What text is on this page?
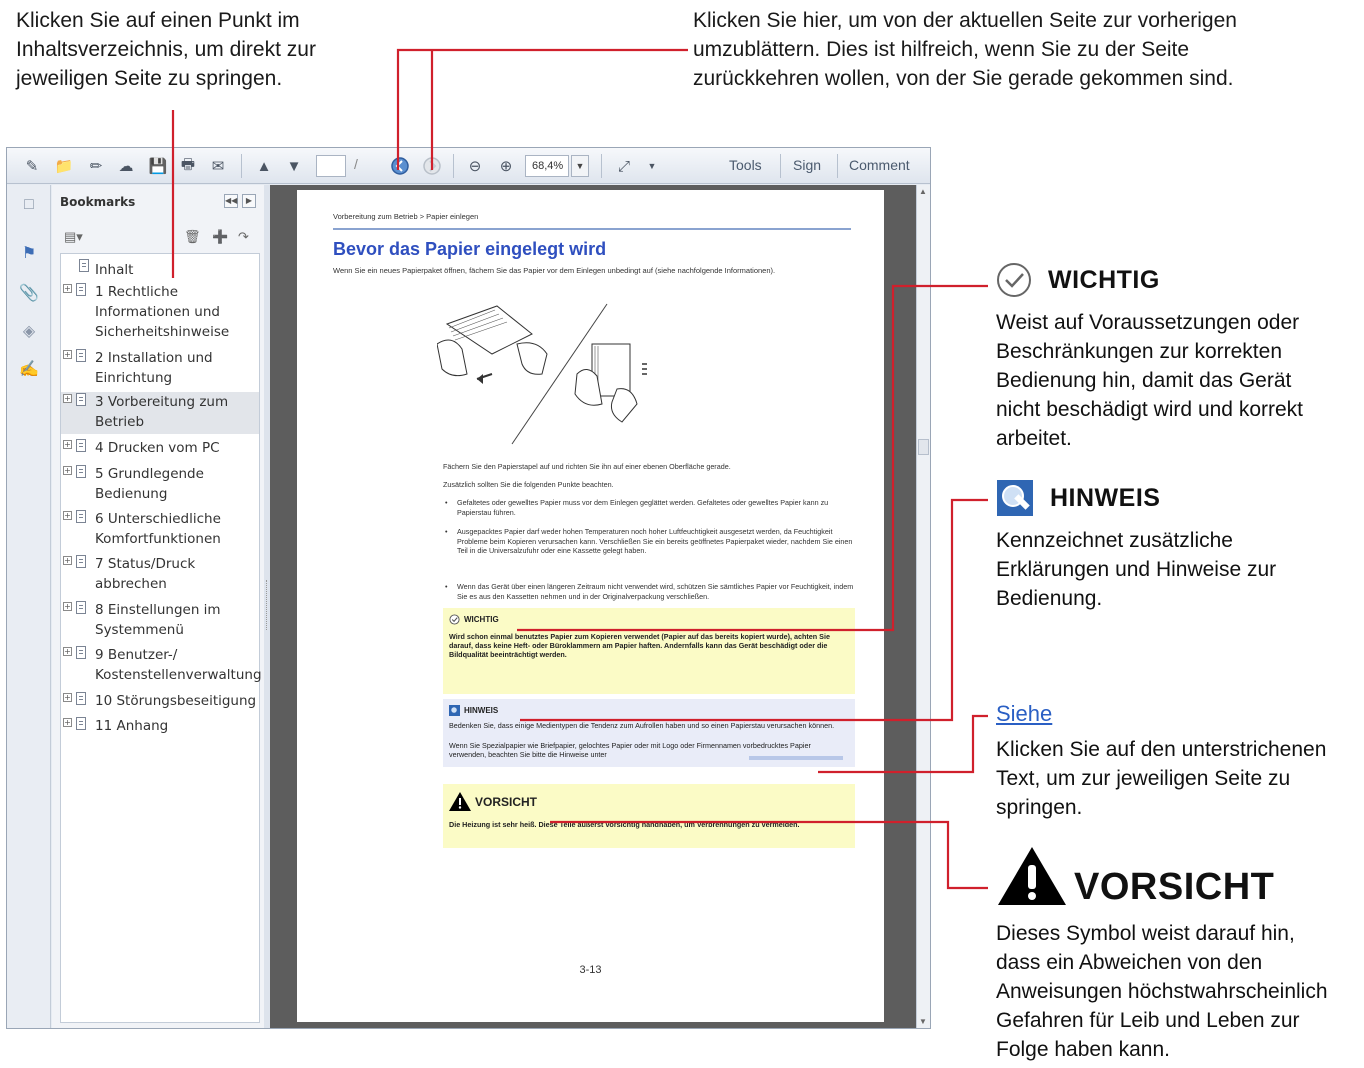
Klicken Sie auf einen Punkt im
Inhaltsverzeichnis, um direkt zur
jeweiligen Seite zu springen.
Klicken Sie hier, um von der aktuellen Seite zur vorherigen
umzublättern. Dies ist hilfreich, wenn Sie zu der Seite
zurückkehren wollen, von der Sie gerade gekommen sind.
WICHTIG
Weist auf Voraussetzungen oder
Beschränkungen zur korrekten
Bedienung hin, damit das Gerät
nicht beschädigt wird und korrekt
arbeitet.
HINWEIS
Kennzeichnet zusätzliche
Erklärungen und Hinweise zur
Bedienung.
Siehe
Klicken Sie auf den unterstrichenen
Text, um zur jeweiligen Seite zu
springen.
VORSICHT
Dieses Symbol weist darauf hin,
dass ein Abweichen von den
Anweisungen höchstwahrscheinlich
Gefahren für Leib und Leben zur
Folge haben kann.
✎	📁	✏	☁ 💾 🖶	✉	▲ ▼	/	⊖	⊕	68,4%	▼	⤢	▼	Tools Sign Comment
□
⚑
📎
◈
✍
Bookmarks	◀◀	▶
▤▾	🗑 ➕ ↷
Inhalt
+ 1 Rechtliche Informationen und Sicherheitshinweise
+ 2 Installation und Einrichtung
+ 3 Vorbereitung zum Betrieb
+ 4 Drucken vom PC
+ 5 Grundlegende Bedienung
+ 6 Unterschiedliche Komfortfunktionen
+ 7 Status/Druck abbrechen
+ 8 Einstellungen im Systemmenü
+ 9 Benutzer-/ Kostenstellenverwaltung
+ 10 Störungsbeseitigung
+ 11 Anhang
Vorbereitung zum Betrieb > Papier einlegen
Bevor das Papier eingelegt wird
Wenn Sie ein neues Papierpaket öffnen, fächern Sie das Papier vor dem Einlegen unbedingt auf (siehe nachfolgende Informationen).
Fächern Sie den Papierstapel auf und richten Sie ihn auf einer ebenen Oberfläche gerade.
Zusätzlich sollten Sie die folgenden Punkte beachten.
• Gefaltetes oder gewelltes Papier muss vor dem Einlegen geglättet werden. Gefaltetes oder gewelltes Papier kann zu Papierstau führen.
• Ausgepacktes Papier darf weder hohen Temperaturen noch hoher Luftfeuchtigkeit ausgesetzt werden, da Feuchtigkeit Probleme beim Kopieren verursachen kann. Verschließen Sie ein bereits geöffnetes Papierpaket wieder, nachdem Sie einen Teil in die Universalzufuhr oder eine Kassette gelegt haben.
• Wenn das Gerät über einen längeren Zeitraum nicht verwendet wird, schützen Sie sämtliches Papier vor Feuchtigkeit, indem Sie es aus den Kassetten nehmen und in der Originalverpackung verschließen.
WICHTIG
Wird schon einmal benutztes Papier zum Kopieren verwendet (Papier auf das bereits kopiert wurde), achten Sie darauf, dass keine Heft- oder Büroklammern am Papier haften. Andernfalls kann das Gerät beschädigt oder die Bildqualität beeinträchtigt werden.
HINWEIS
Bedenken Sie, dass einige Medientypen die Tendenz zum Aufrollen haben und so einen Papierstau verursachen können.
Wenn Sie Spezialpapier wie Briefpapier, gelochtes Papier oder mit Logo oder Firmennamen vorbedrucktes Papier verwenden, beachten Sie bitte die Hinweise unter
VORSICHT
Die Heizung ist sehr heiß. Diese Teile äußerst vorsichtig handhaben, um Verbrennungen zu vermeiden.
3-13
▲
▼
